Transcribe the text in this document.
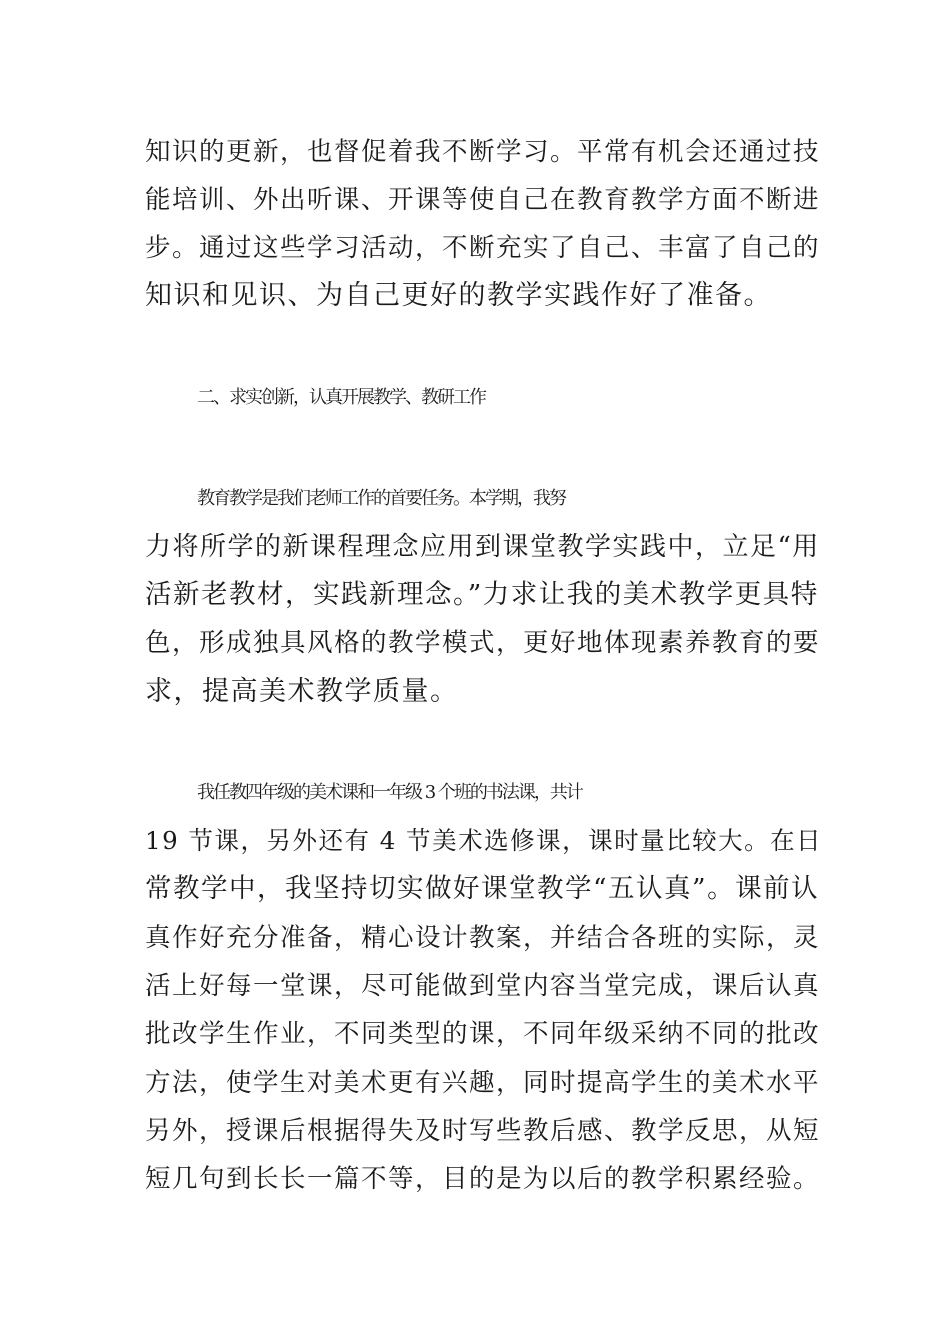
知识的更新，也督促着我不断学习。平常有机会还通过技
能培训、外出听课、开课等使自己在教育教学方面不断进
步。通过这些学习活动，不断充实了自己、丰富了自己的
知识和见识、为自己更好的教学实践作好了准备。
二、求实创新，认真开展教学、教研工作
教育教学是我们老师工作的首要任务。本学期，我努
力将所学的新课程理念应用到课堂教学实践中，立足“用
活新老教材，实践新理念。”力求让我的美术教学更具特
色，形成独具风格的教学模式，更好地体现素养教育的要
求，提高美术教学质量。
我任教四年级的美术课和一年级 3 个班的书法课，共计
19 节课，另外还有 4 节美术选修课，课时量比较大。在日
常教学中，我坚持切实做好课堂教学“五认真”。课前认
真作好充分准备，精心设计教案，并结合各班的实际，灵
活上好每一堂课，尽可能做到堂内容当堂完成，课后认真
批改学生作业，不同类型的课，不同年级采纳不同的批改
方法，使学生对美术更有兴趣，同时提高学生的美术水平
另外，授课后根据得失及时写些教后感、教学反思，从短
短几句到长长一篇不等，目的是为以后的教学积累经验。
